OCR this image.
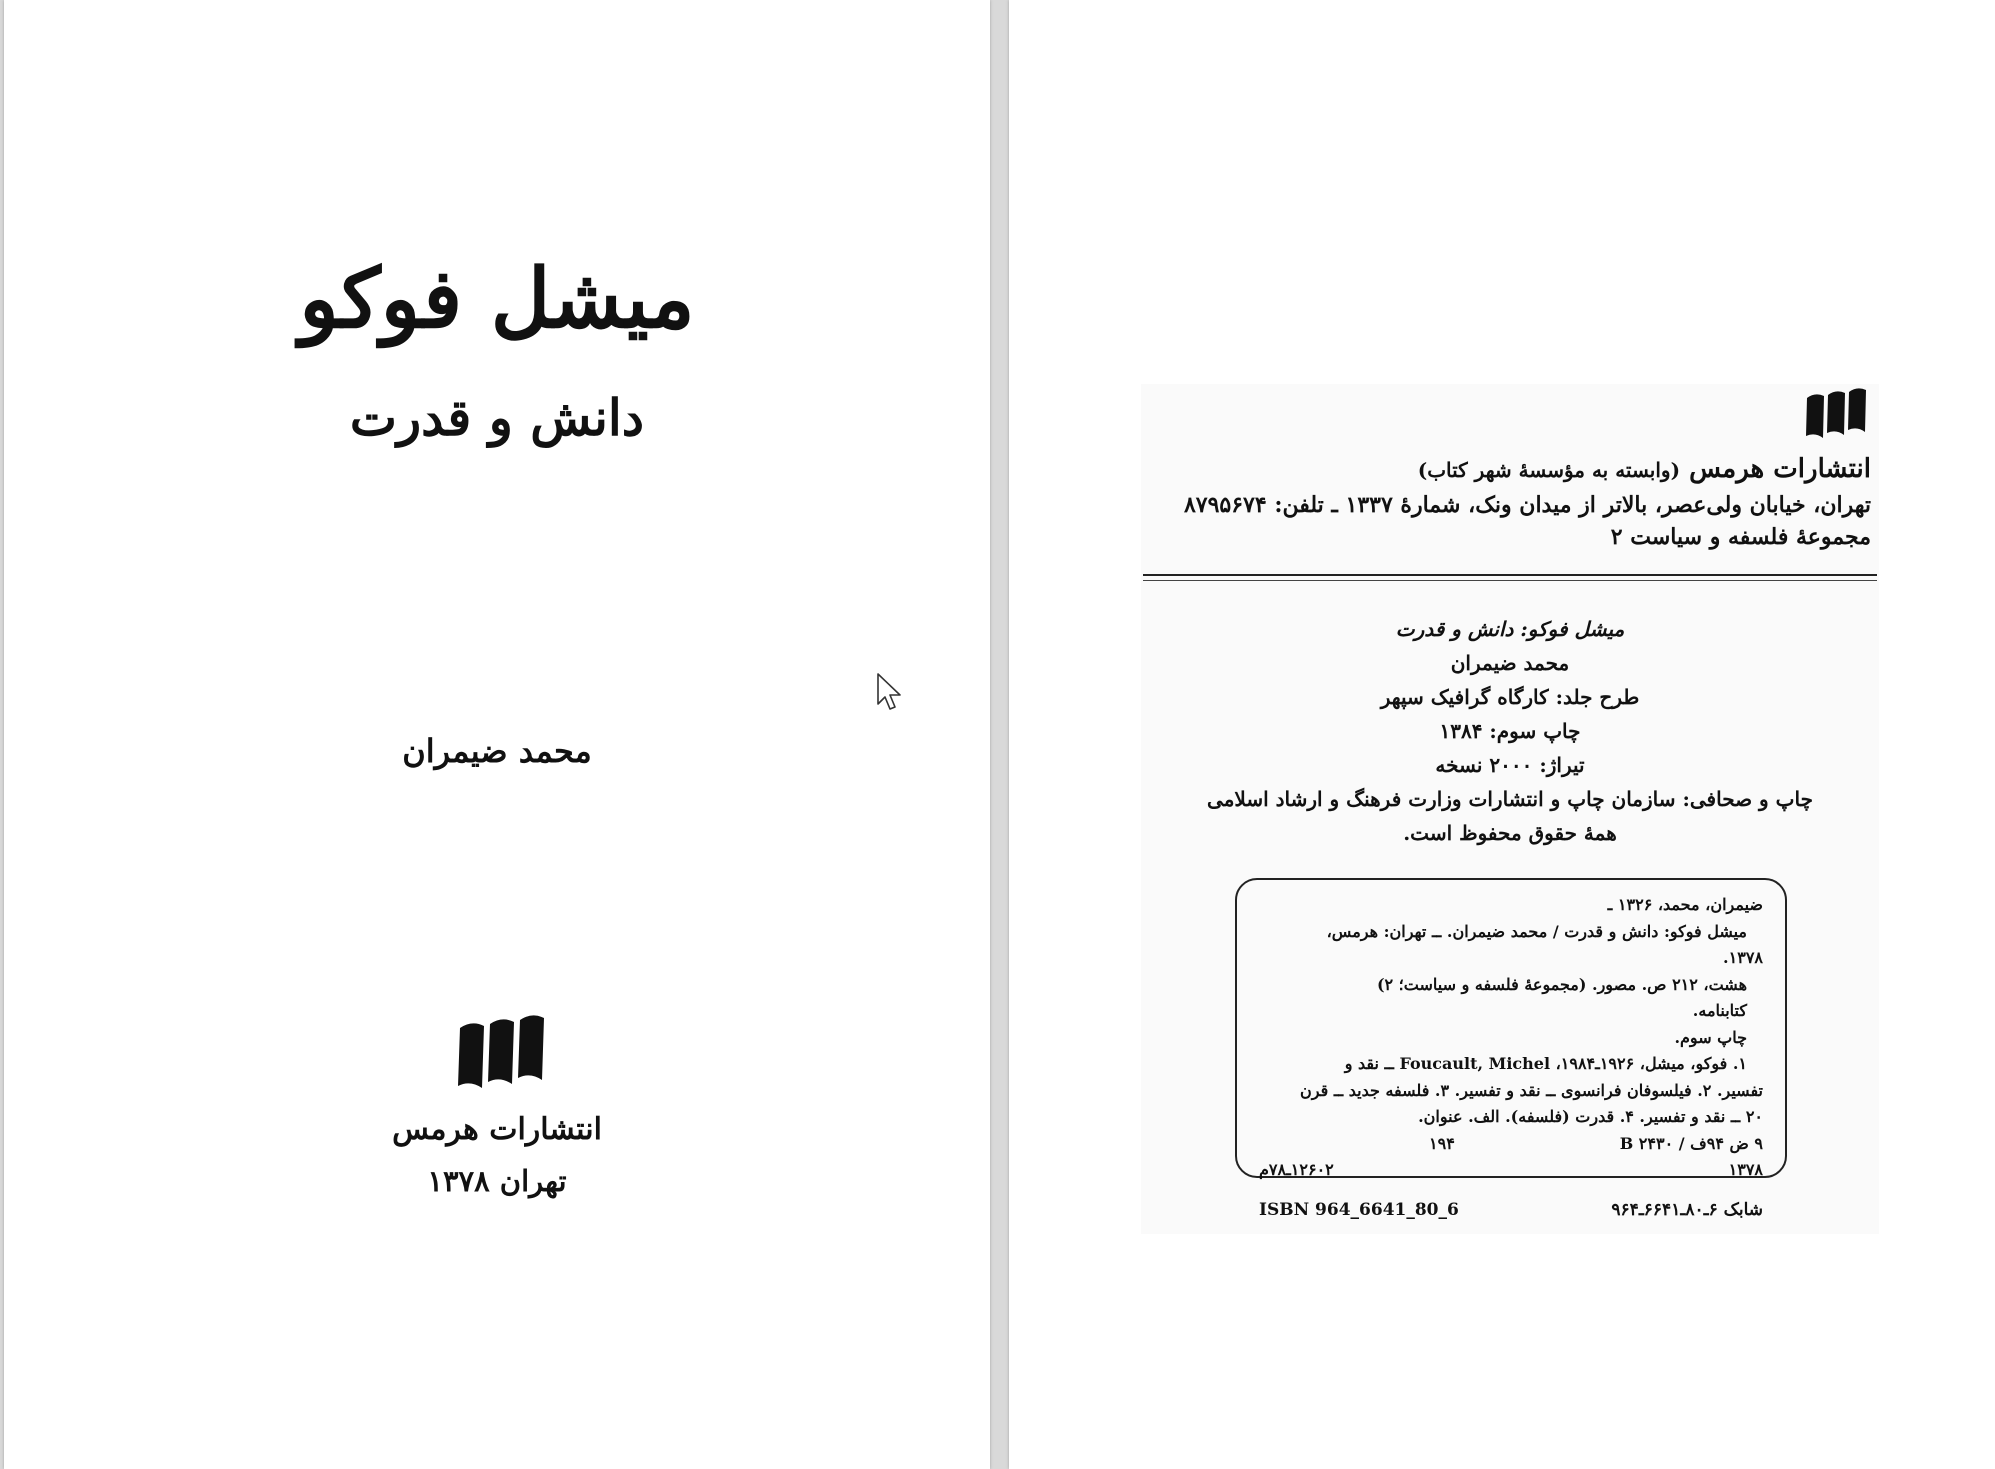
میشل فوکو
دانش و قدرت
محمد ضیمران
انتشارات هرمس
تهران ۱۳۷۸
انتشارات هرمس (وابسته به مؤسسهٔ شهر کتاب)
تهران، خیابان ولی‌عصر، بالاتر از میدان ونک، شمارهٔ ۱۳۳۷ ـ تلفن: ۸۷۹۵۶۷۴
مجموعهٔ فلسفه و سیاست ۲
میشل فوکو: دانش و قدرت
محمد ضیمران
طرح جلد: کارگاه گرافیک سپهر
چاپ سوم: ۱۳۸۴
تیراژ: ۲۰۰۰ نسخه
چاپ و صحافی: سازمان چاپ و انتشارات وزارت فرهنگ و ارشاد اسلامی
همهٔ حقوق محفوظ است.
ضیمران، محمد، ۱۳۲۶ ـ
میشل فوکو: دانش و قدرت / محمد ضیمران. ــ تهران: هرمس،
۱۳۷۸.
هشت، ۲۱۲ ص. مصور. (مجموعهٔ فلسفه و سیاست؛ ۲)
کتابنامه.
چاپ سوم.
۱. فوکو، میشل، ۱۹۲۶ـ۱۹۸۴، Foucault, Michel ــ نقد و
تفسیر. ۲. فیلسوفان فرانسوی ــ نقد و تفسیر. ۳. فلسفه جدید ــ قرن
۲۰ ــ نقد و تفسیر. ۴. قدرت (فلسفه). الف. عنوان.
۹ ض ۹۴ف / B ۲۴۳۰
۱۹۴
۱۳۷۸
۱۲۶۰۲ـ۷۸م
ISBN 964_6641_80_6	شابک ۶ـ۸۰ـ۶۶۴۱ـ۹۶۴
